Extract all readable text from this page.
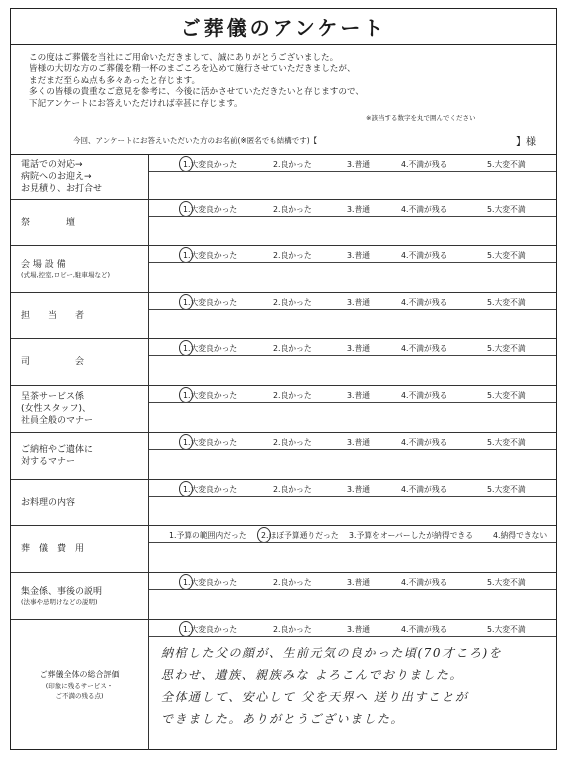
ご葬儀のアンケート
この度はご葬儀を当社にご用命いただきまして、誠にありがとうございました。
皆様の大切な方のご葬儀を精一杯のまごころを込めて施行させていただきましたが、
まだまだ至らぬ点も多々あったと存じます。
多くの皆様の貴重なご意見を参考に、今後に活かさせていただきたいと存じますので、
下記アンケートにお答えいただければ幸甚に存じます。
※該当する数字を丸で囲んでください
今回、アンケートにお答えいただいた方のお名前(※匿名でも結構です)【	】様
電話での対応→
病院へのお迎え→
お見積り、お打合せ
1.大変良かった	2.良かった	3.普通	4.不満が残る	5.大変不満
祭　　　　壇
1.大変良かった	2.良かった	3.普通	4.不満が残る	5.大変不満
会 場 設 備
(式場,控室,ロビー,駐車場など)
1.大変良かった	2.良かった	3.普通	4.不満が残る	5.大変不満
担　　当　　者
1.大変良かった	2.良かった	3.普通	4.不満が残る	5.大変不満
司　　　　　会
1.大変良かった	2.良かった	3.普通	4.不満が残る	5.大変不満
呈茶サービス係
(女性スタッフ)、
社員全般のマナー
1.大変良かった	2.良かった	3.普通	4.不満が残る	5.大変不満
ご納棺やご遺体に
対するマナー
1.大変良かった	2.良かった	3.普通	4.不満が残る	5.大変不満
お料理の内容
1.大変良かった	2.良かった	3.普通	4.不満が残る	5.大変不満
葬　儀　費　用
1.予算の範囲内だった 2.ほぼ予算通りだった 3.予算をオーバーしたが納得できる	4.納得できない
集金係、事後の説明
(法事や忌明けなどの説明)
1.大変良かった	2.良かった	3.普通	4.不満が残る	5.大変不満
ご葬儀全体の総合評価
(印象に残るサービス・
ご不満の残る点)
1.大変良かった	2.良かった	3.普通	4.不満が残る	5.大変不満
納棺した父の顔が、生前元気の良かった頃(70才ころ)を
思わせ、遺族、親族みな よろこんでおりました。
全体通して、安心して 父を天界へ 送り出すことが
できました。ありがとうございました。
